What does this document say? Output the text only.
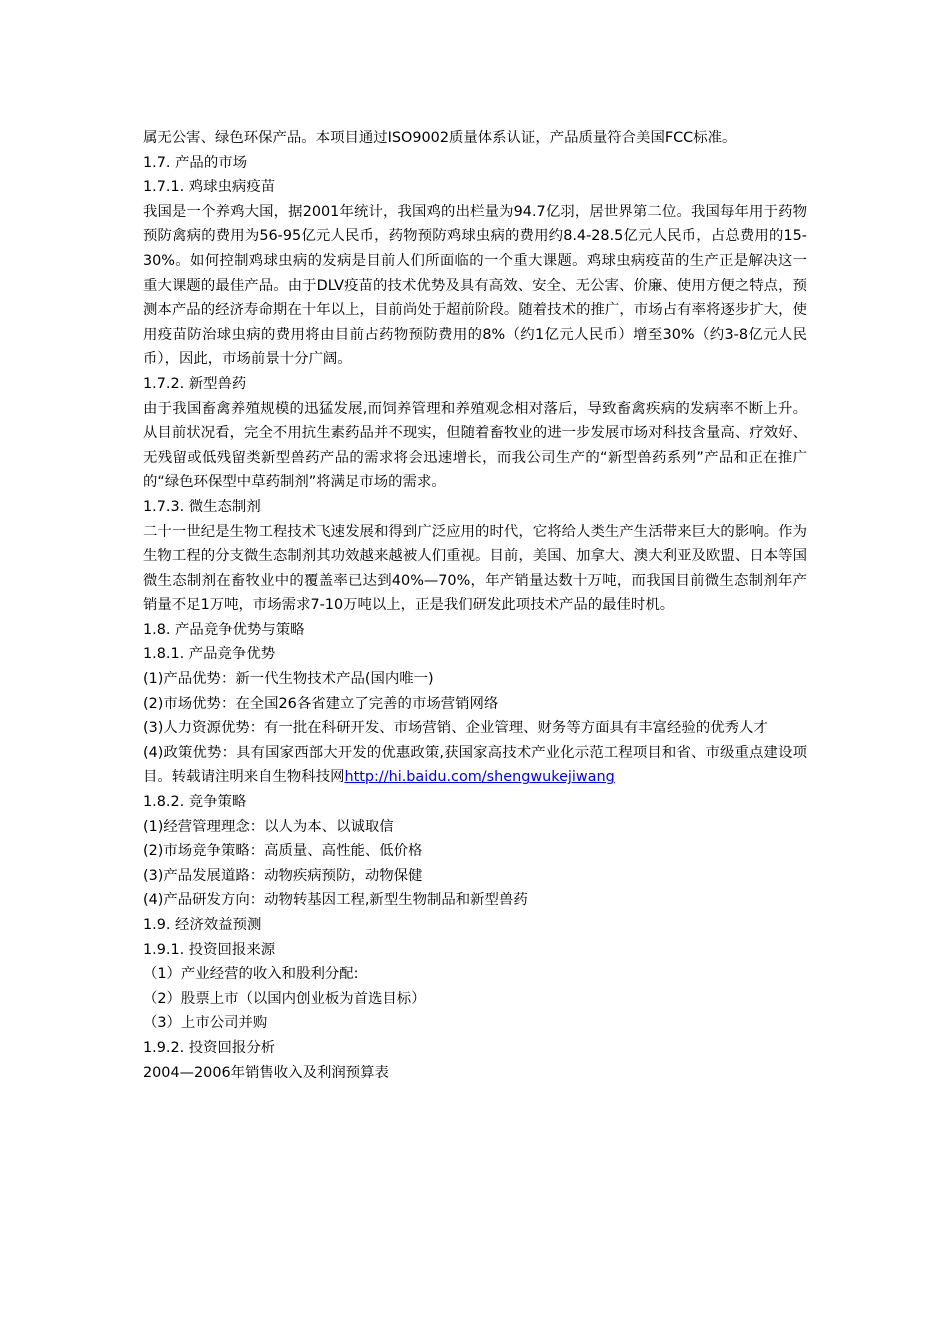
属无公害、绿色环保产品。本项目通过ISO9002质量体系认证，产品质量符合美国FCC标准。

1.7. 产品的市场

1.7.1. 鸡球虫病疫苗

我国是一个养鸡大国，据2001年统计，我国鸡的出栏量为94.7亿羽，居世界第二位。我国每年用于药物预防禽病的费用为56-95亿元人民币，药物预防鸡球虫病的费用约8.4-28.5亿元人民币，占总费用的15-30%。如何控制鸡球虫病的发病是目前人们所面临的一个重大课题。鸡球虫病疫苗的生产正是解决这一重大课题的最佳产品。由于DLV疫苗的技术优势及具有高效、安全、无公害、价廉、使用方便之特点，预测本产品的经济寿命期在十年以上，目前尚处于超前阶段。随着技术的推广，市场占有率将逐步扩大，使用疫苗防治球虫病的费用将由目前占药物预防费用的8%（约1亿元人民币）增至30%（约3-8亿元人民币），因此，市场前景十分广阔。

1.7.2. 新型兽药

由于我国畜禽养殖规模的迅猛发展,而饲养管理和养殖观念相对落后，导致畜禽疾病的发病率不断上升。从目前状况看，完全不用抗生素药品并不现实，但随着畜牧业的进一步发展市场对科技含量高、疗效好、无残留或低残留类新型兽药产品的需求将会迅速增长，而我公司生产的“新型兽药系列”产品和正在推广的“绿色环保型中草药制剂”将满足市场的需求。

1.7.3. 微生态制剂

二十一世纪是生物工程技术飞速发展和得到广泛应用的时代，它将给人类生产生活带来巨大的影响。作为生物工程的分支微生态制剂其功效越来越被人们重视。目前，美国、加拿大、澳大利亚及欧盟、日本等国微生态制剂在畜牧业中的覆盖率已达到40%—70%，年产销量达数十万吨，而我国目前微生态制剂年产销量不足1万吨，市场需求7-10万吨以上，正是我们研发此项技术产品的最佳时机。

1.8. 产品竞争优势与策略

1.8.1. 产品竞争优势

(1)产品优势：新一代生物技术产品(国内唯一)

(2)市场优势：在全国26各省建立了完善的市场营销网络

(3)人力资源优势：有一批在科研开发、市场营销、企业管理、财务等方面具有丰富经验的优秀人才

(4)政策优势：具有国家西部大开发的优惠政策,获国家高技术产业化示范工程项目和省、市级重点建设项目。转载请注明来自生物科技网http://hi.baidu.com/shengwukejiwang

1.8.2. 竞争策略

(1)经营管理理念：以人为本、以诚取信

(2)市场竞争策略：高质量、高性能、低价格

(3)产品发展道路：动物疾病预防，动物保健

(4)产品研发方向：动物转基因工程,新型生物制品和新型兽药

1.9. 经济效益预测

1.9.1. 投资回报来源

（1）产业经营的收入和股利分配:

（2）股票上市（以国内创业板为首选目标）

（3）上市公司并购

1.9.2. 投资回报分析

2004—2006年销售收入及利润预算表
